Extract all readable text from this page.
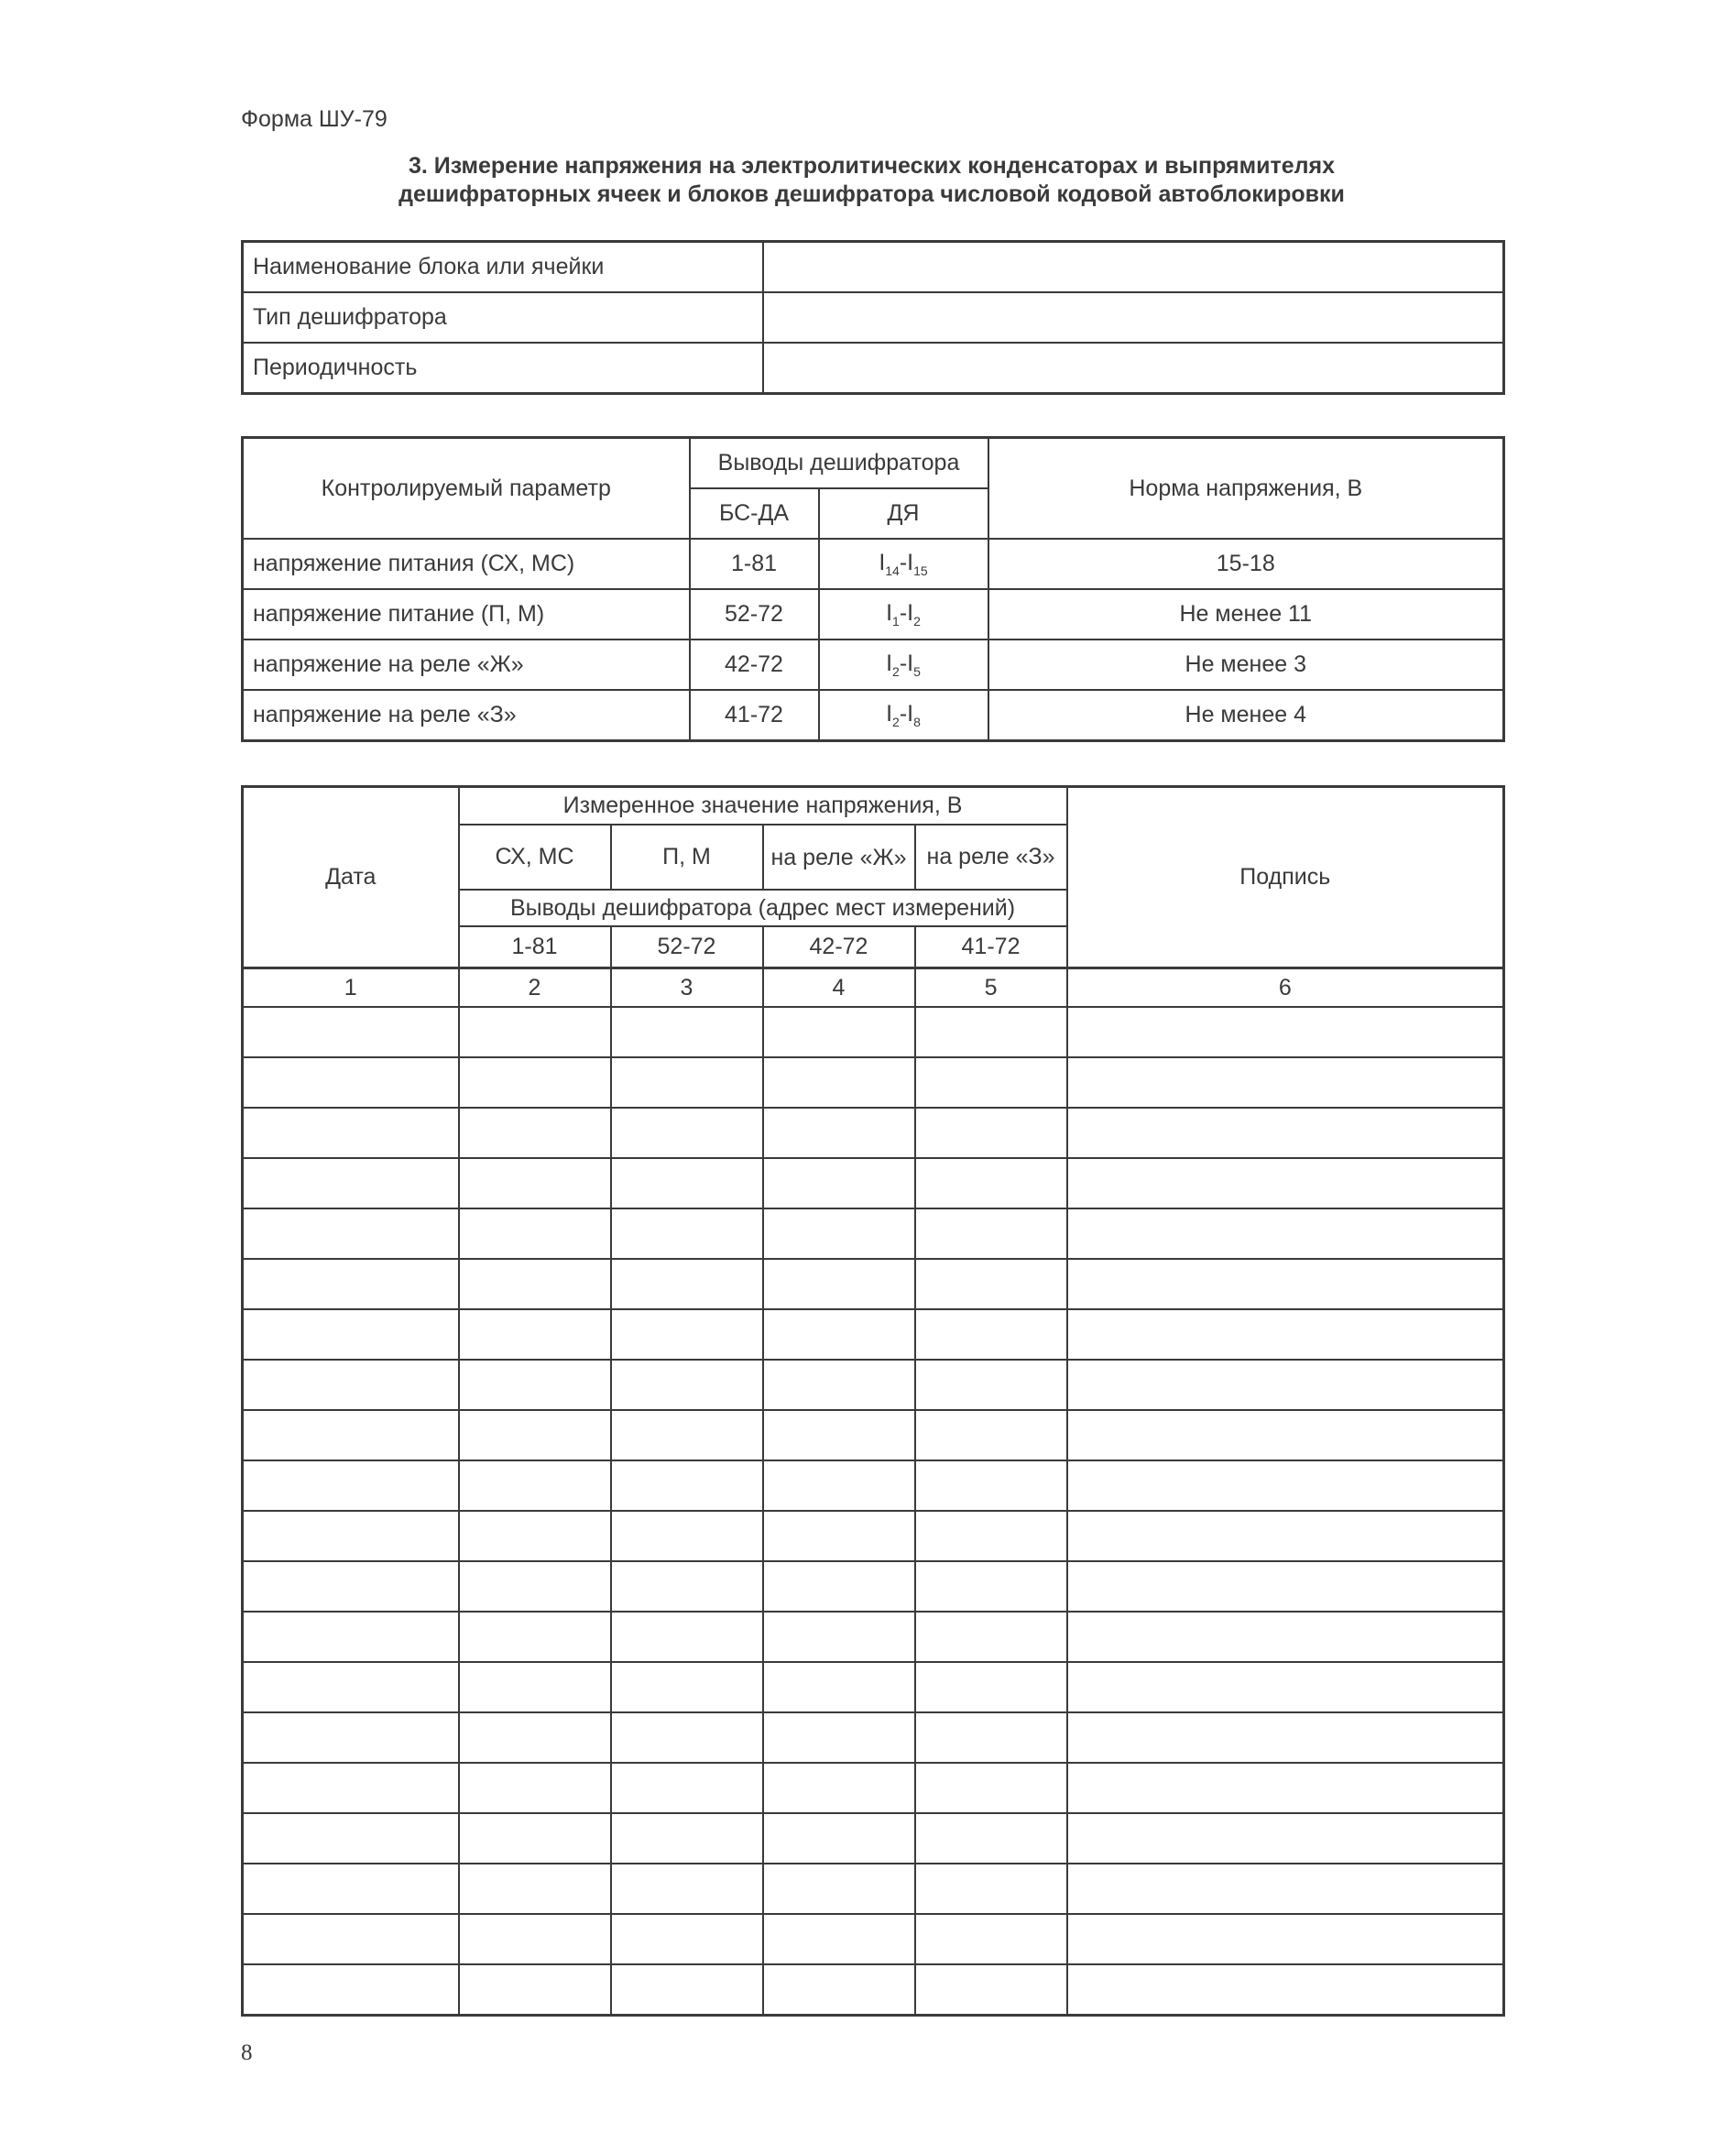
Форма ШУ-79
3. Измерение напряжения на электролитических конденсаторах и выпрямителях
дешифраторных ячеек и блоков дешифратора числовой кодовой автоблокировки
Наименование блока или ячейки	
Тип дешифратора	
Периодичность	
Контролируемый параметр	Выводы дешифратора		Норма напряжения, В
	БС-ДА	ДЯ	
напряжение питания (СХ, МС)	1-81	$I_{14}-I_{15}$	15-18
напряжение питание (П, М)	52-72	$I_1-I_2$	Не менее 11
напряжение на реле «Ж»	42-72	$I_2-I_5$	Не менее 3
напряжение на реле «З»	41-72	$I_2-I_8$	Не менее 4
Дата	Измеренное значение напряжения, В				Подпись
	СХ, МС	П, М	на реле «Ж»	на реле «З»	
	Выводы дешифратора (адрес мест измерений)				
	1-81	52-72	42-72	41-72	
1	2	3	4	5	6

8
